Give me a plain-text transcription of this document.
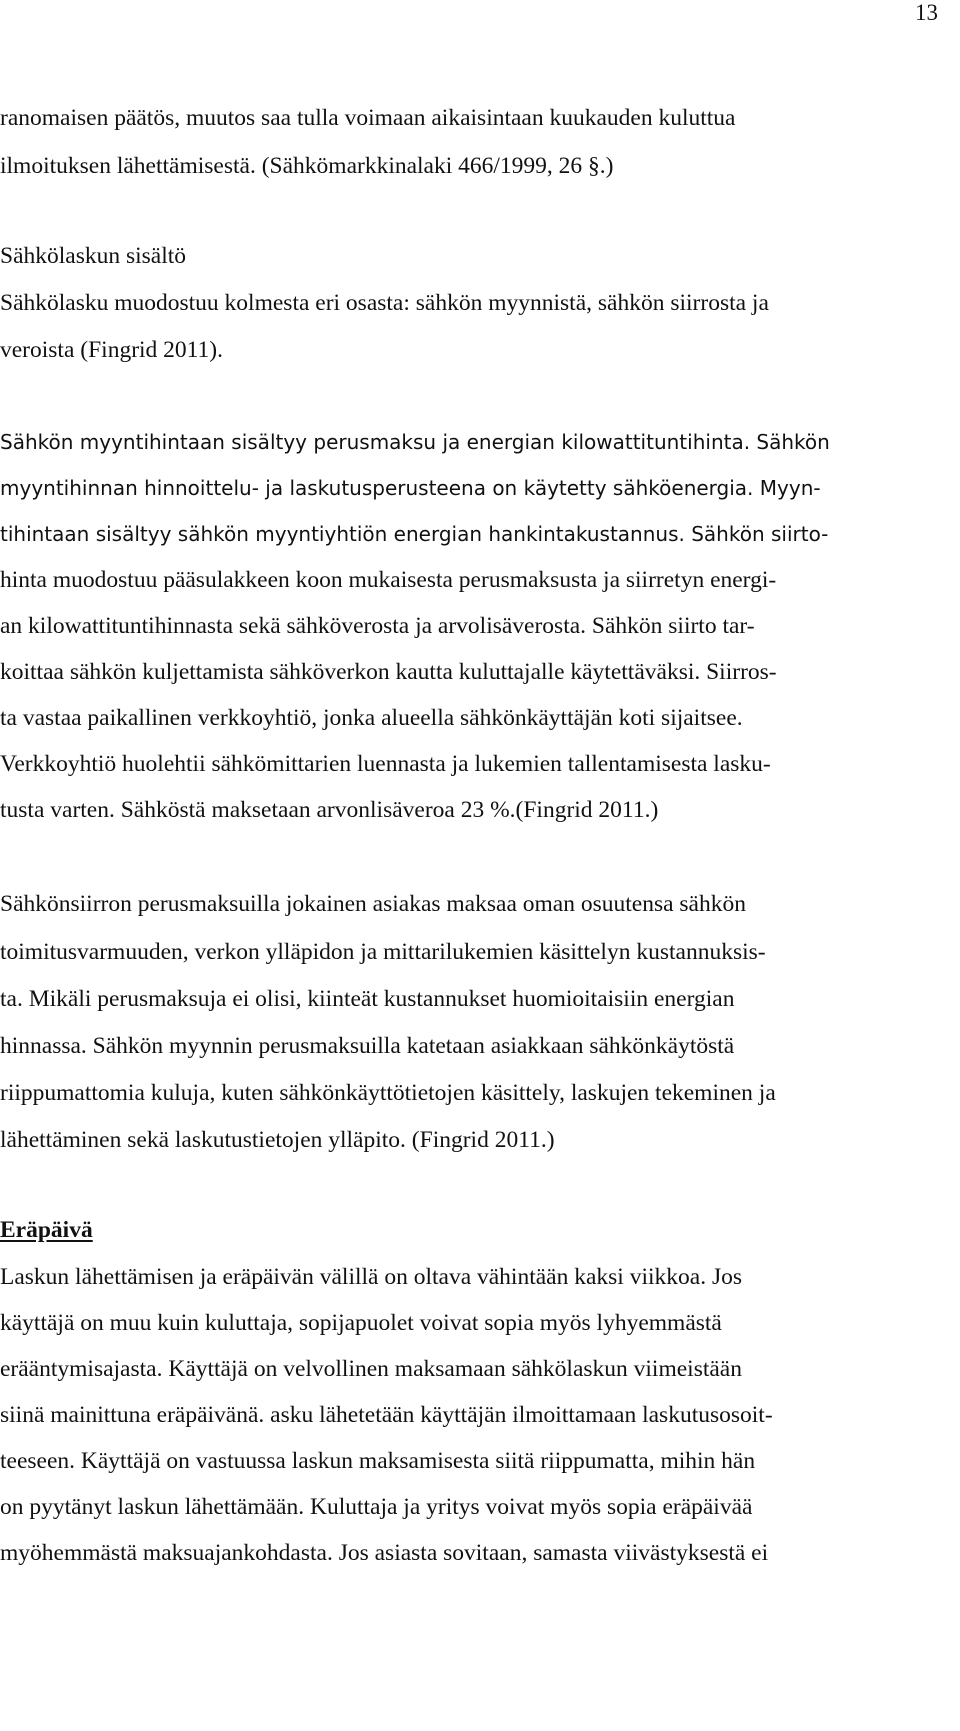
13

ranomaisen päätös, muutos saa tulla voimaan aikaisintaan kuukauden kuluttua

ilmoituksen lähettämisestä. (Sähkömarkkinalaki 466/1999, 26 §.)

Sähkölaskun sisältö

Sähkölasku muodostuu kolmesta eri osasta: sähkön myynnistä, sähkön siirrosta ja

veroista (Fingrid 2011).

Sähkön myyntihintaan sisältyy perusmaksu ja energian kilowattituntihinta. Sähkön

myyntihinnan hinnoittelu- ja laskutusperusteena on käytetty sähköenergia. Myyn-

tihintaan sisältyy sähkön myyntiyhtiön energian hankintakustannus. Sähkön siirto-

hinta muodostuu pääsulakkeen koon mukaisesta perusmaksusta ja siirretyn energi-

an kilowattituntihinnasta sekä sähköverosta ja arvolisäverosta. Sähkön siirto tar-

koittaa sähkön kuljettamista sähköverkon kautta kuluttajalle käytettäväksi. Siirros-

ta vastaa paikallinen verkkoyhtiö, jonka alueella sähkönkäyttäjän koti sijaitsee.

Verkkoyhtiö huolehtii sähkömittarien luennasta ja lukemien tallentamisesta lasku-

tusta varten. Sähköstä maksetaan arvonlisäveroa 23 %.(Fingrid 2011.)

Sähkönsiirron perusmaksuilla jokainen asiakas maksaa oman osuutensa sähkön

toimitusvarmuuden, verkon ylläpidon ja mittarilukemien käsittelyn kustannuksis-

ta. Mikäli perusmaksuja ei olisi, kiinteät kustannukset huomioitaisiin energian

hinnassa. Sähkön myynnin perusmaksuilla katetaan asiakkaan sähkönkäytöstä

riippumattomia kuluja, kuten sähkönkäyttötietojen käsittely, laskujen tekeminen ja

lähettäminen sekä laskutustietojen ylläpito. (Fingrid 2011.)

Eräpäivä

Laskun lähettämisen ja eräpäivän välillä on oltava vähintään kaksi viikkoa. Jos

käyttäjä on muu kuin kuluttaja, sopijapuolet voivat sopia myös lyhyemmästä

erääntymisajasta. Käyttäjä on velvollinen maksamaan sähkölaskun viimeistään

siinä mainittuna eräpäivänä. asku lähetetään käyttäjän ilmoittamaan laskutusosoit-

teeseen. Käyttäjä on vastuussa laskun maksamisesta siitä riippumatta, mihin hän

on pyytänyt laskun lähettämään. Kuluttaja ja yritys voivat myös sopia eräpäivää

myöhemmästä maksuajankohdasta. Jos asiasta sovitaan, samasta viivästyksestä ei
